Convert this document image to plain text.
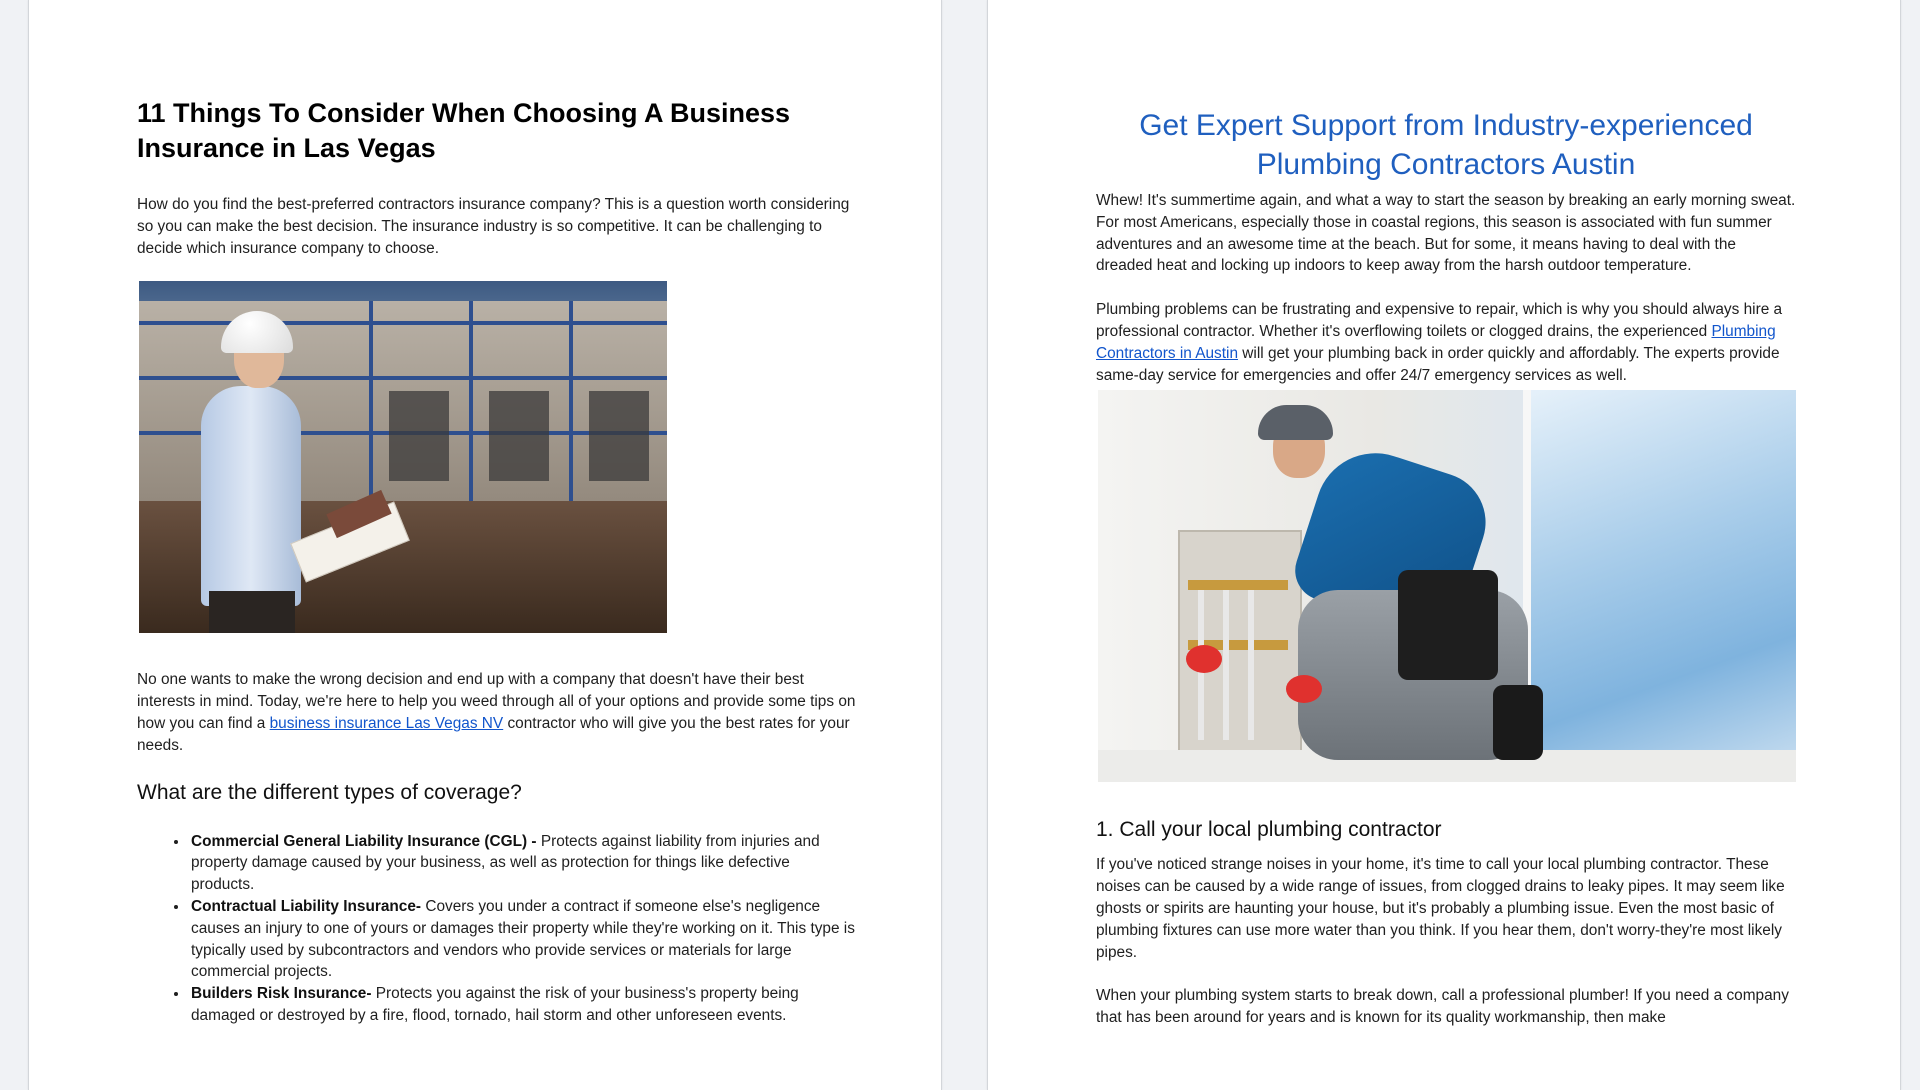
11 Things To Consider When Choosing A Business Insurance in Las Vegas

How do you find the best-preferred contractors insurance company? This is a question worth considering so you can make the best decision. The insurance industry is so competitive. It can be challenging to decide which insurance company to choose.

No one wants to make the wrong decision and end up with a company that doesn't have their best interests in mind. Today, we're here to help you weed through all of your options and provide some tips on how you can find a business insurance Las Vegas NV contractor who will give you the best rates for your needs.

What are the different types of coverage?
• Commercial General Liability Insurance (CGL) - Protects against liability from injuries and property damage caused by your business, as well as protection for things like defective products.
• Contractual Liability Insurance- Covers you under a contract if someone else's negligence causes an injury to one of yours or damages their property while they're working on it. This type is typically used by subcontractors and vendors who provide services or materials for large commercial projects.
• Builders Risk Insurance- Protects you against the risk of your business's property being damaged or destroyed by a fire, flood, tornado, hail storm and other unforeseen events.
Get Expert Support from Industry-experienced Plumbing Contractors Austin

Whew! It's summertime again, and what a way to start the season by breaking an early morning sweat. For most Americans, especially those in coastal regions, this season is associated with fun summer adventures and an awesome time at the beach. But for some, it means having to deal with the dreaded heat and locking up indoors to keep away from the harsh outdoor temperature.

Plumbing problems can be frustrating and expensive to repair, which is why you should always hire a professional contractor. Whether it's overflowing toilets or clogged drains, the experienced Plumbing Contractors in Austin will get your plumbing back in order quickly and affordably. The experts provide same-day service for emergencies and offer 24/7 emergency services as well.

1. Call your local plumbing contractor

If you've noticed strange noises in your home, it's time to call your local plumbing contractor. These noises can be caused by a wide range of issues, from clogged drains to leaky pipes. It may seem like ghosts or spirits are haunting your house, but it's probably a plumbing issue. Even the most basic of plumbing fixtures can use more water than you think. If you hear them, don't worry-they're most likely pipes.

When your plumbing system starts to break down, call a professional plumber! If you need a company that has been around for years and is known for its quality workmanship, then make
